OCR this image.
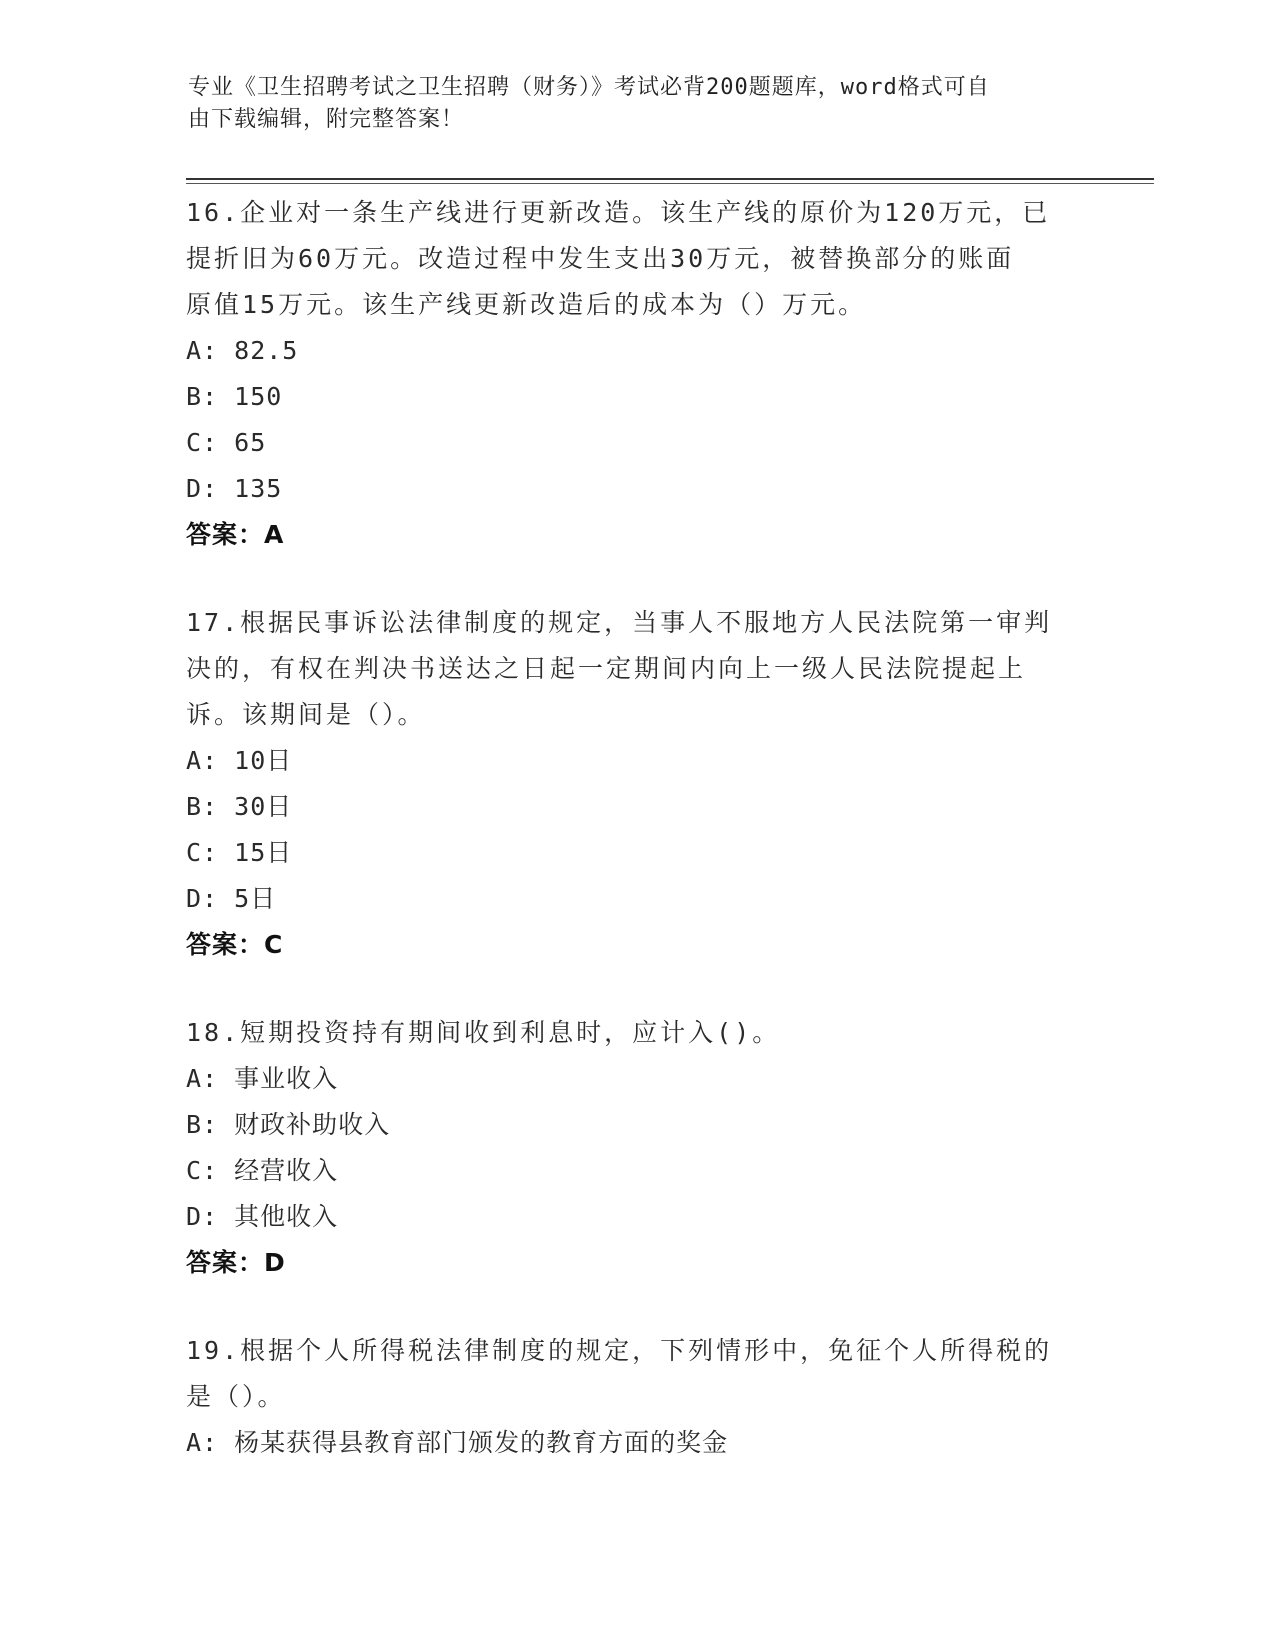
专业《卫生招聘考试之卫生招聘（财务）》考试必背200题题库，word格式可自
由下载编辑，附完整答案！

16.企业对一条生产线进行更新改造。该生产线的原价为120万元，已

提折旧为60万元。改造过程中发生支出30万元，被替换部分的账面

原值15万元。该生产线更新改造后的成本为（）万元。

A: 82.5

B: 150

C: 65

D: 135

答案：A

17.根据民事诉讼法律制度的规定，当事人不服地方人民法院第一审判

决的，有权在判决书送达之日起一定期间内向上一级人民法院提起上

诉。该期间是（）。

A: 10日

B: 30日

C: 15日

D: 5日

答案：C

18.短期投资持有期间收到利息时，应计入()。

A: 事业收入

B: 财政补助收入

C: 经营收入

D: 其他收入

答案：D

19.根据个人所得税法律制度的规定，下列情形中，免征个人所得税的

是（）。

A: 杨某获得县教育部门颁发的教育方面的奖金
